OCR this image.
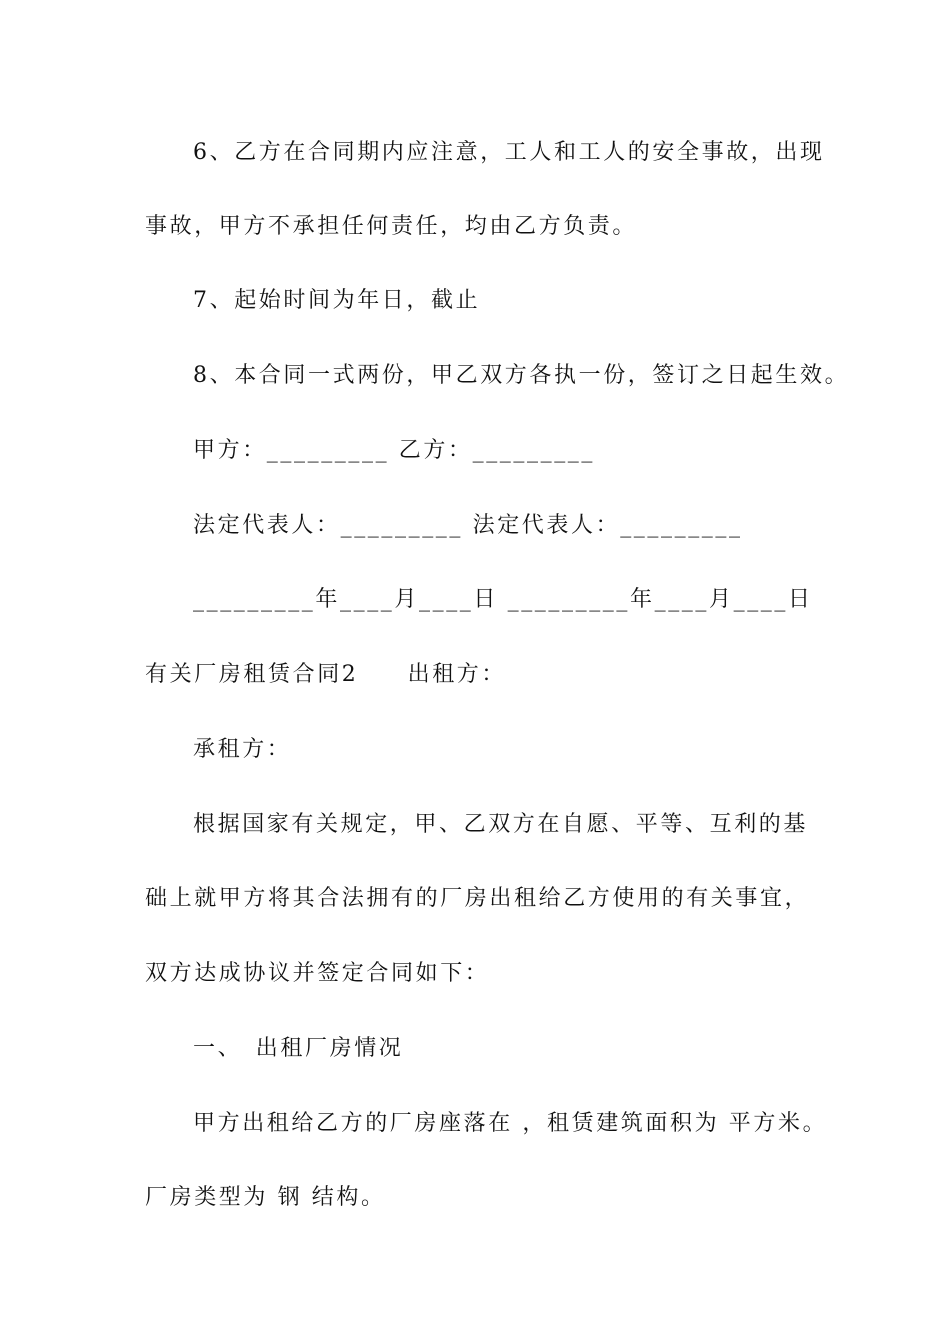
6、乙方在合同期内应注意，工人和工人的安全事故，出现
事故，甲方不承担任何责任，均由乙方负责。
7、起始时间为年日，截止
8、本合同一式两份，甲乙双方各执一份，签订之日起生效。
甲方：_________ 乙方：_________
法定代表人：_________ 法定代表人：_________
_________年____月____日 _________年____月____日
有关厂房租赁合同2　　出租方：
承租方：
根据国家有关规定，甲、乙双方在自愿、平等、互利的基
础上就甲方将其合法拥有的厂房出租给乙方使用的有关事宜，
双方达成协议并签定合同如下：
一、　出租厂房情况
甲方出租给乙方的厂房座落在 ，租赁建筑面积为 平方米。
厂房类型为 钢 结构。
